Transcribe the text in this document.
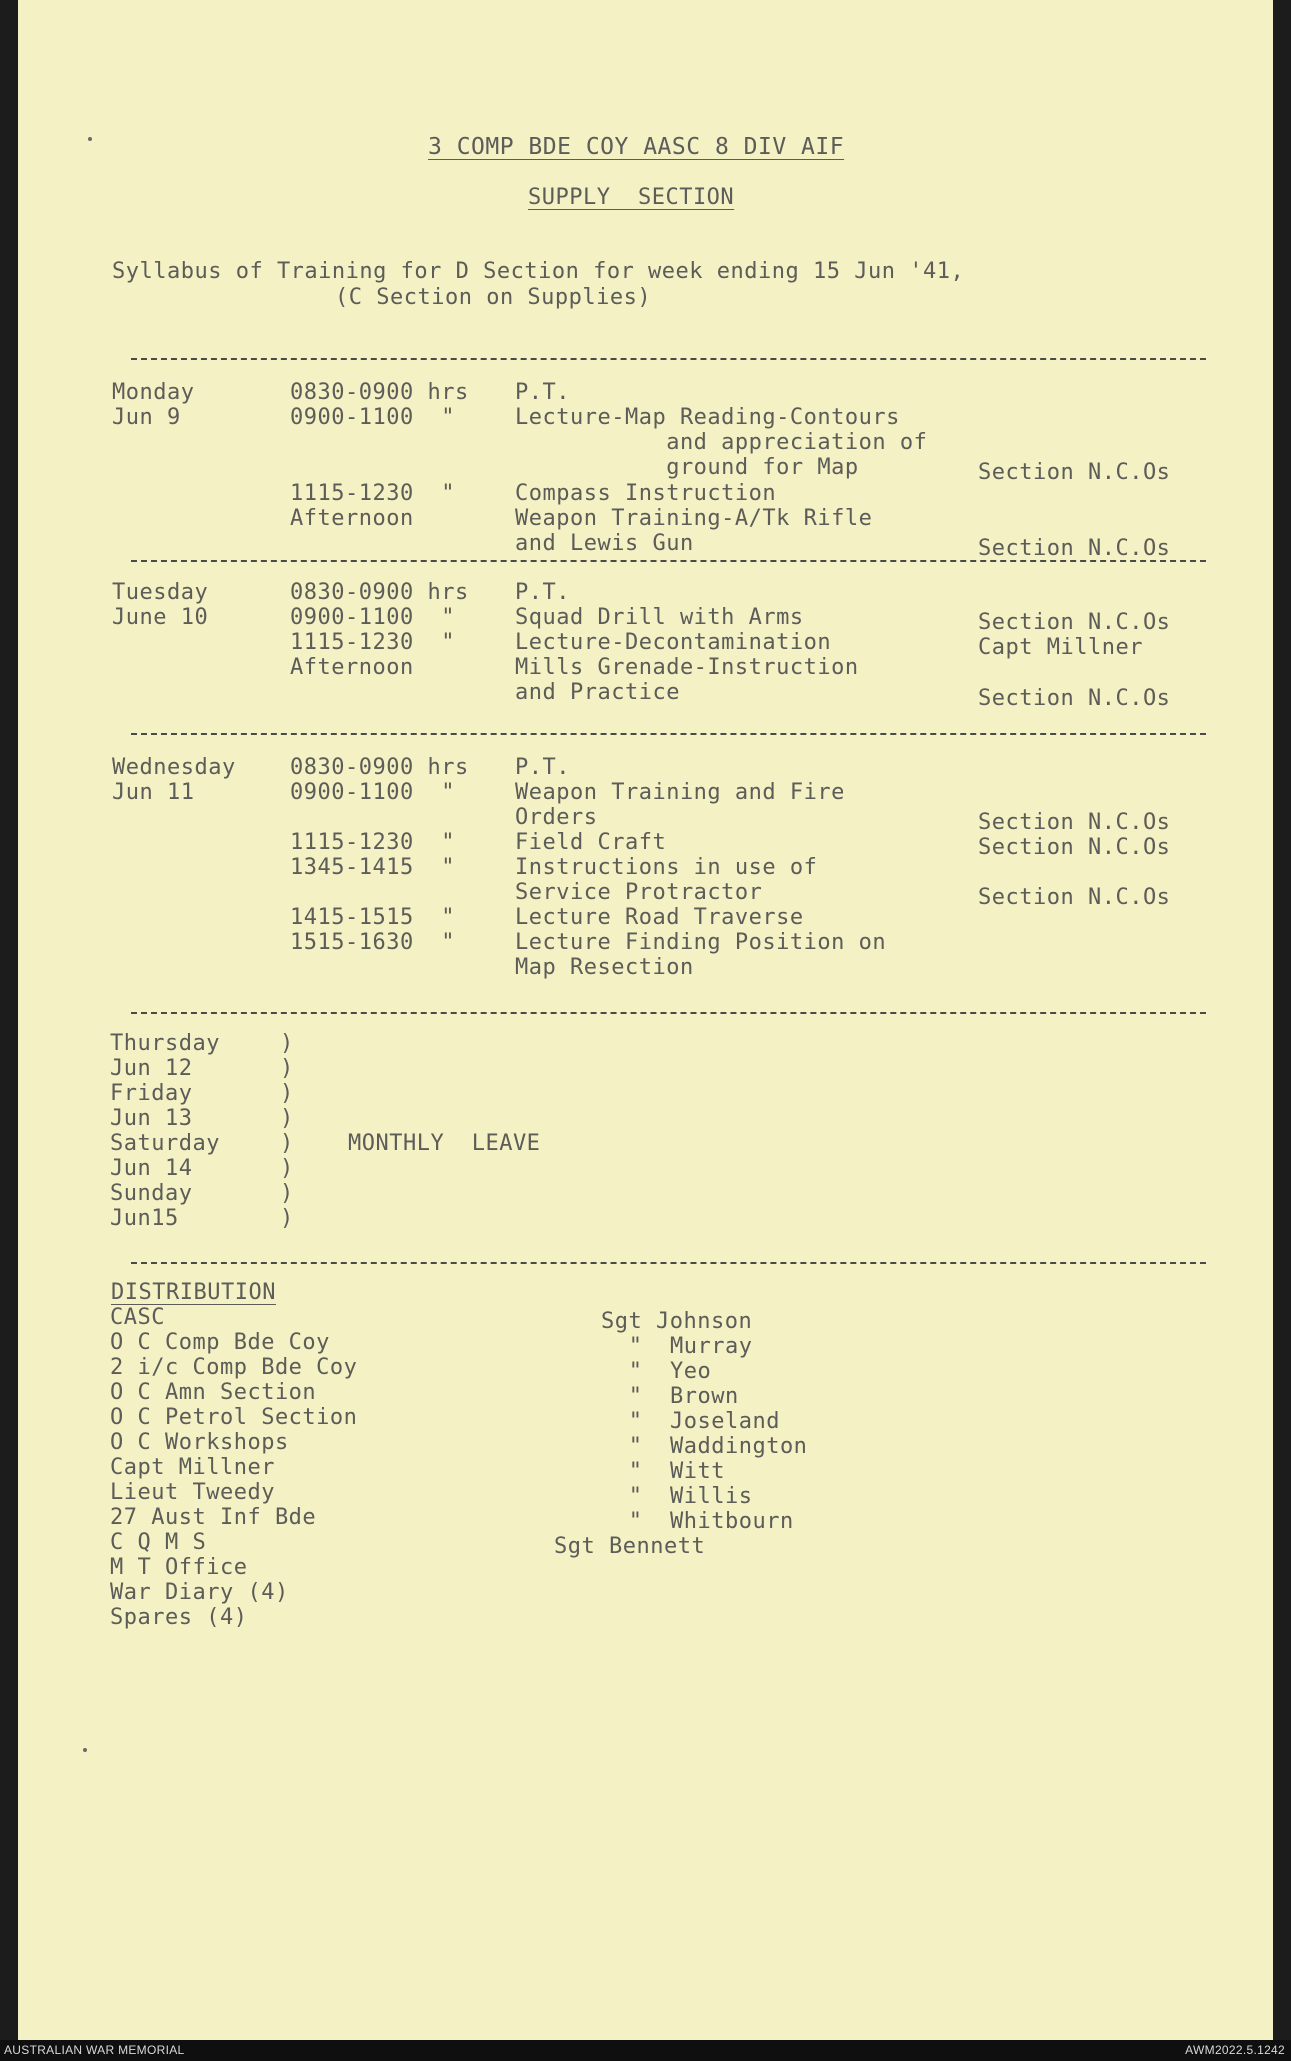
3 COMP BDE COY AASC 8 DIV AIF
SUPPLY  SECTION
Syllabus of Training for D Section for week ending 15 Jun '41,
(C Section on Supplies)
Monday
Jun 9
0830-0900 hrs
0900-1100  "
1115-1230  "
Afternoon
P.T.
Lecture-Map Reading-Contours
and appreciation of
ground for Map
Compass Instruction
Weapon Training-A/Tk Rifle
and Lewis Gun
Section N.C.Os
Section N.C.Os
Tuesday
June 10
0830-0900 hrs
0900-1100  "
1115-1230  "
Afternoon
P.T.
Squad Drill with Arms
Lecture-Decontamination
Mills Grenade-Instruction
and Practice
Section N.C.Os
Capt Millner
Section N.C.Os
Wednesday
Jun 11
0830-0900 hrs
0900-1100  "
1115-1230  "
1345-1415  "
1415-1515  "
1515-1630  "
P.T.
Weapon Training and Fire
Orders
Field Craft
Instructions in use of
Service Protractor
Lecture Road Traverse
Lecture Finding Position on
Map Resection
Section N.C.Os
Section N.C.Os
Section N.C.Os
Thursday
Jun 12
Friday
Jun 13
Saturday
Jun 14
Sunday
Jun15
)
)
)
)
)
)
)
)
MONTHLY  LEAVE
DISTRIBUTION
CASC
O C Comp Bde Coy
2 i/c Comp Bde Coy
O C Amn Section
O C Petrol Section
O C Workshops
Capt Millner
Lieut Tweedy
27 Aust Inf Bde
C Q M S
M T Office
War Diary (4)
Spares (4)
Sgt Johnson
"  Murray
"  Yeo
"  Brown
"  Joseland
"  Waddington
"  Witt
"  Willis
"  Whitbourn
Sgt Bennett
AUSTRALIAN WAR MEMORIAL	AWM2022.5.1242
